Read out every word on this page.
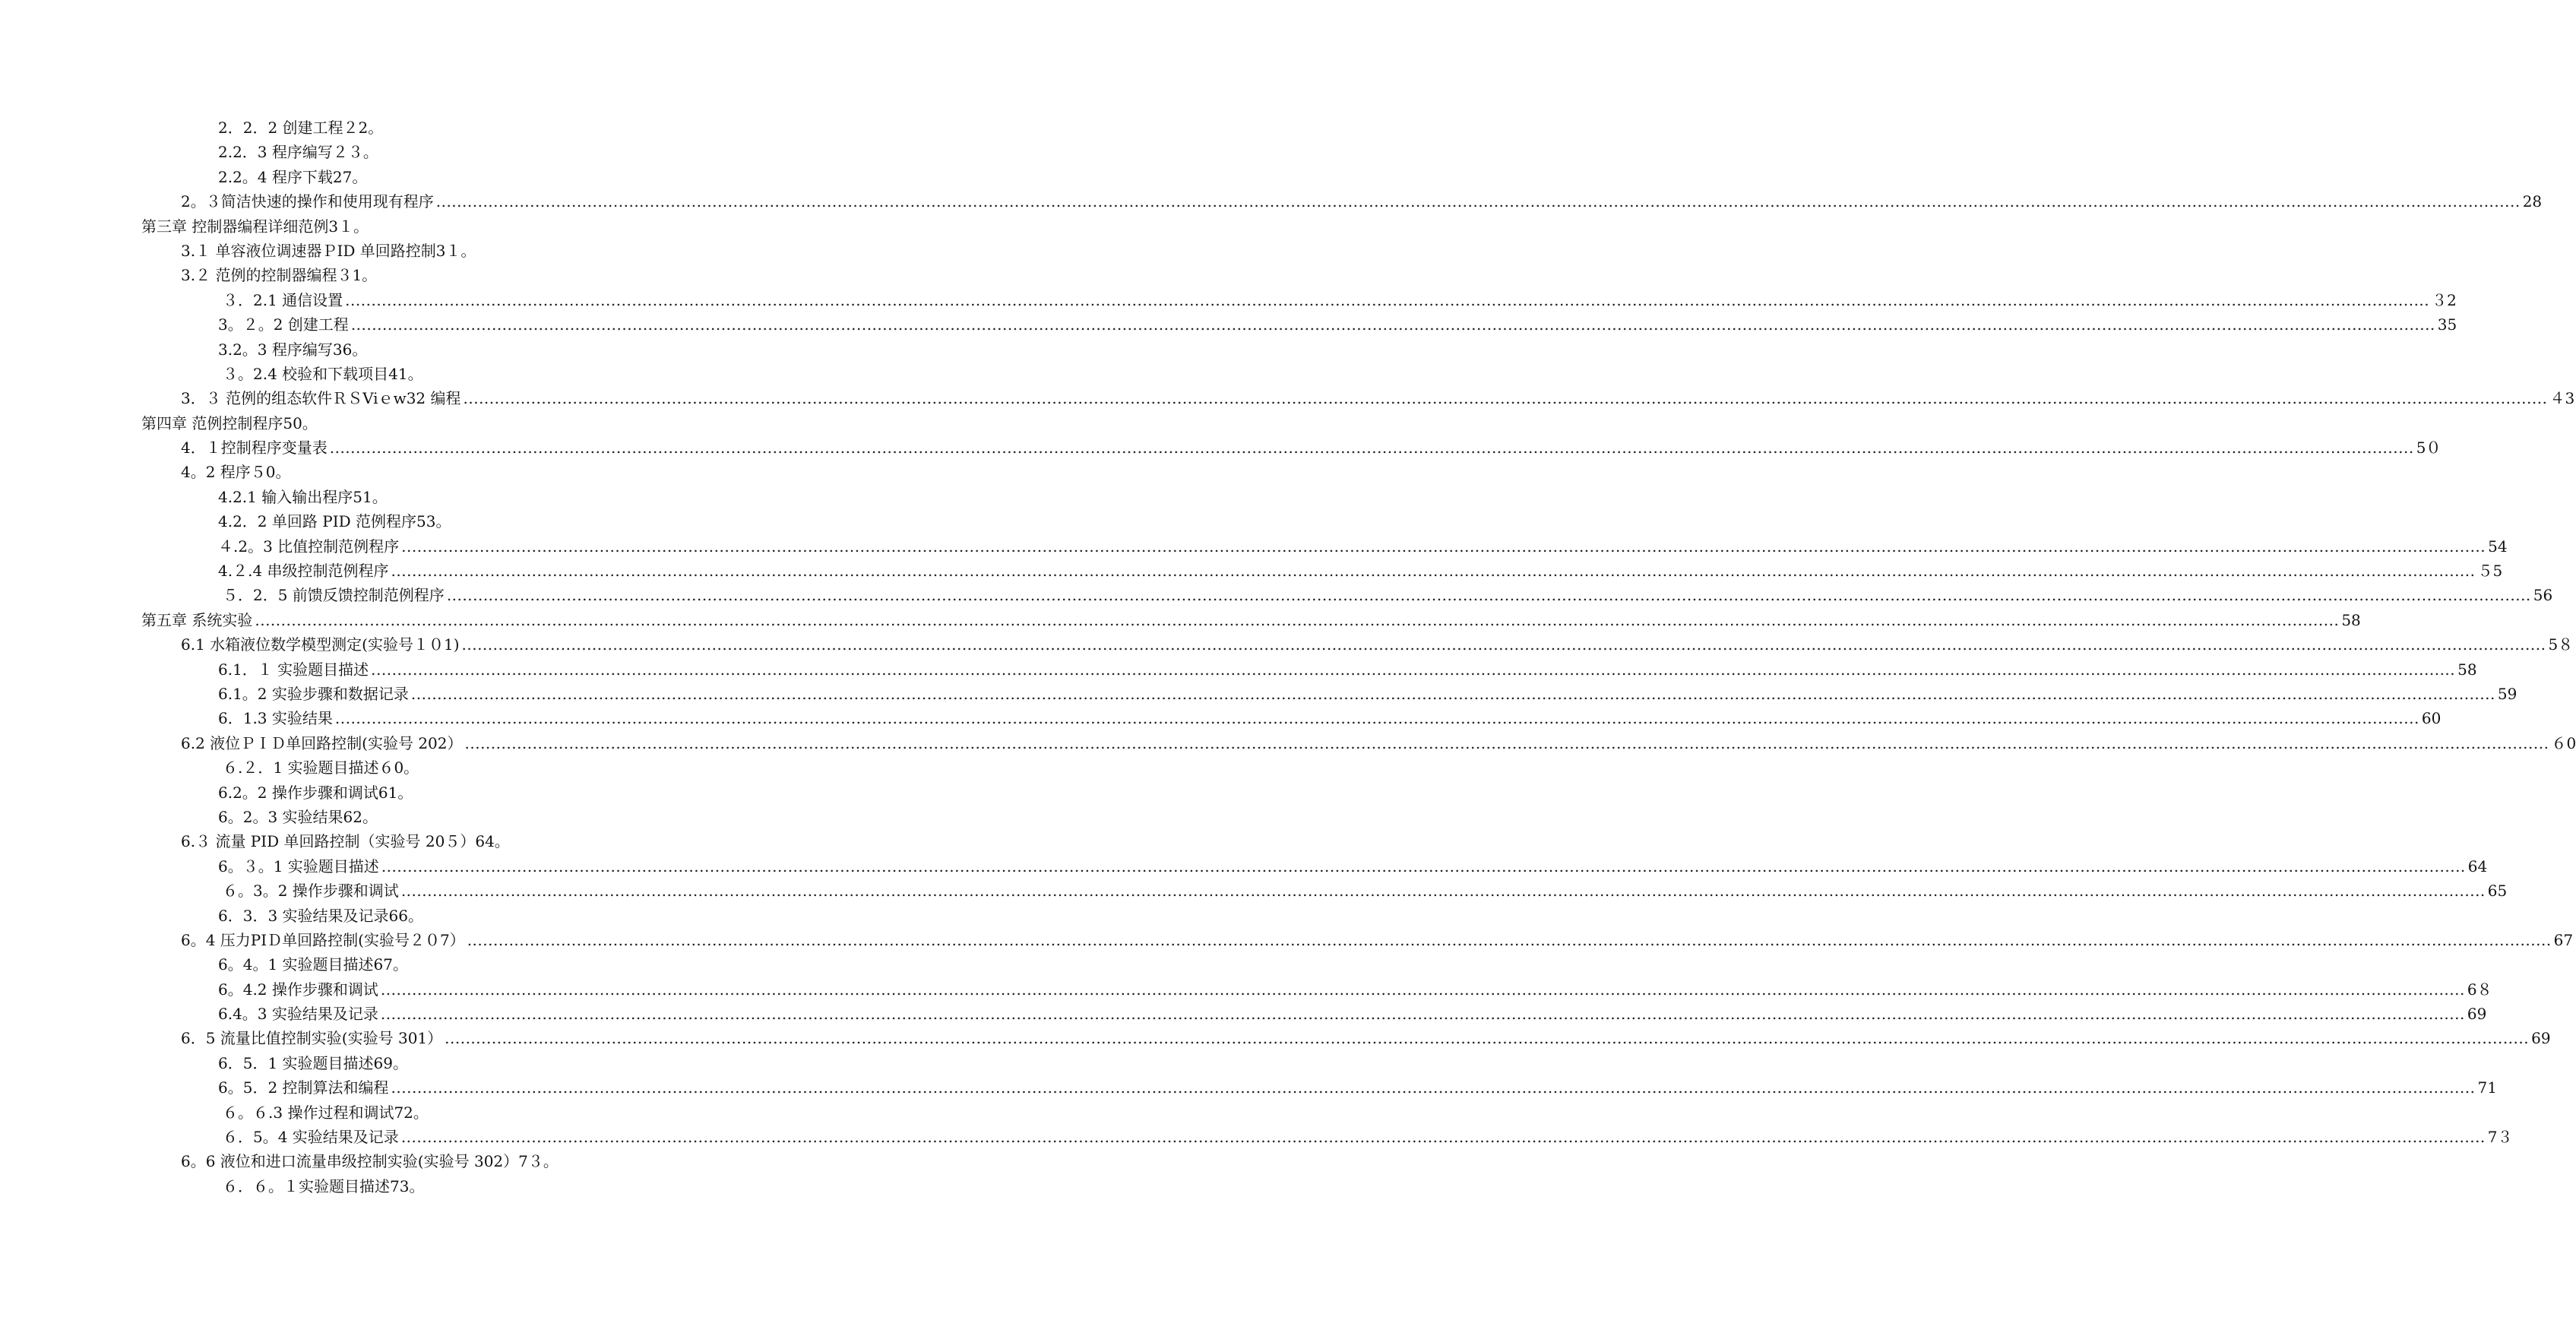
2．2．2 创建工程２2。
2.2．3 程序编写２３。
2.2。4 程序下载27。
2。３简洁快速的操作和使用现有程序 ................................................................................................................................................................................................................................................................................................................................................................................................................ 28
第三章 控制器编程详细范例3１。
3.１ 单容液位调速器ＰID 单回路控制3１。
3.２ 范例的控制器编程３1。
３．2.1 通信设置 ................................................................................................................................................................................................................................................................................................................................................................................................................ ３2
3。２。2 创建工程 ................................................................................................................................................................................................................................................................................................................................................................................................................ 35
3.2。3 程序编写36。
３。2.4 校验和下载项目41。
3．３ 范例的组态软件ＲＳViｅw32 编程 ................................................................................................................................................................................................................................................................................................................................................................................................................ ４3
第四章 范例控制程序50。
4．１控制程序变量表 ................................................................................................................................................................................................................................................................................................................................................................................................................ 5０
4。2 程序５0。
4.2.1 输入输出程序51。
4.2．2 单回路 PID 范例程序53。
４.2。3 比值控制范例程序 ................................................................................................................................................................................................................................................................................................................................................................................................................ 54
4.２.4 串级控制范例程序 ................................................................................................................................................................................................................................................................................................................................................................................................................ ５5
５．2．5 前馈反馈控制范例程序 ................................................................................................................................................................................................................................................................................................................................................................................................................ 56
第五章 系统实验 ................................................................................................................................................................................................................................................................................................................................................................................................................ 58
6.1 水箱液位数学模型测定(实验号１０1) ................................................................................................................................................................................................................................................................................................................................................................................................................ 5８
6.1．１ 实验题目描述 ................................................................................................................................................................................................................................................................................................................................................................................................................ 58
6.1。2 实验步骤和数据记录 ................................................................................................................................................................................................................................................................................................................................................................................................................ 59
6．1.3 实验结果 ................................................................................................................................................................................................................................................................................................................................................................................................................ 60
6.2 液位ＰＩＤ单回路控制(实验号 202） ................................................................................................................................................................................................................................................................................................................................................................................................................ ６0
６.２．1 实验题目描述６0。
6.2。2 操作步骤和调试61。
6。2。3 实验结果62。
6.３ 流量 PID 单回路控制（实验号 20５）64。
6。３。1 实验题目描述 ................................................................................................................................................................................................................................................................................................................................................................................................................ 64
６。3。2 操作步骤和调试 ................................................................................................................................................................................................................................................................................................................................................................................................................ 65
6．3．3 实验结果及记录66。
6。4 压力PIＤ单回路控制(实验号２０7） ................................................................................................................................................................................................................................................................................................................................................................................................................ 67
6。4。1 实验题目描述67。
6。4.2 操作步骤和调试 ................................................................................................................................................................................................................................................................................................................................................................................................................ 6８
6.4。3 实验结果及记录 ................................................................................................................................................................................................................................................................................................................................................................................................................ 69
6．5 流量比值控制实验(实验号 301） ................................................................................................................................................................................................................................................................................................................................................................................................................ 69
6．5．1 实验题目描述69。
6。5．2 控制算法和编程 ................................................................................................................................................................................................................................................................................................................................................................................................................ 71
６。６.3 操作过程和调试72。
６．5。4 实验结果及记录 ................................................................................................................................................................................................................................................................................................................................................................................................................ 7３
6。6 液位和进口流量串级控制实验(实验号 302）7３。
６．６。１实验题目描述73。
